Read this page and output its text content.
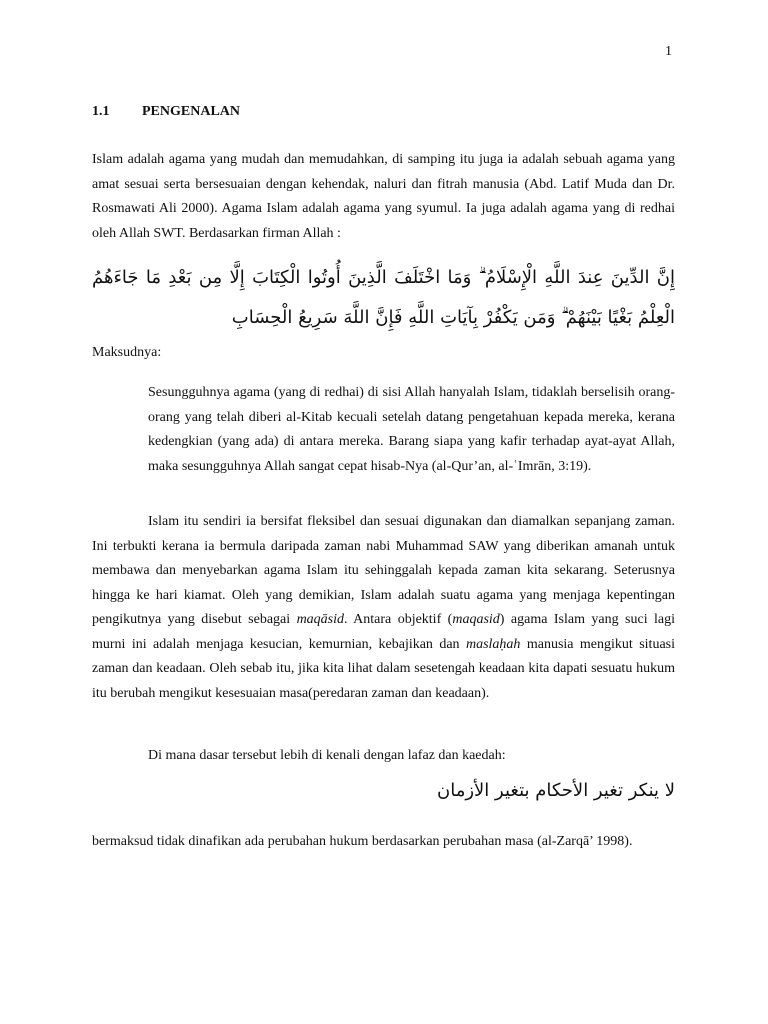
1
1.1	PENGENALAN

Islam adalah agama yang mudah dan memudahkan, di samping itu juga ia adalah sebuah agama yang amat sesuai serta bersesuaian dengan kehendak, naluri dan fitrah manusia (Abd. Latif Muda dan Dr. Rosmawati Ali 2000). Agama Islam adalah agama yang syumul. Ia juga adalah agama yang di redhai oleh Allah SWT. Berdasarkan firman Allah :

إِنَّ الدِّينَ عِندَ اللَّهِ الْإِسْلَامُ ۗ وَمَا اخْتَلَفَ الَّذِينَ أُوتُوا الْكِتَابَ إِلَّا مِن بَعْدِ مَا جَاءَهُمُ الْعِلْمُ بَغْيًا بَيْنَهُمْ ۗ وَمَن يَكْفُرْ بِآيَاتِ اللَّهِ فَإِنَّ اللَّهَ سَرِيعُ الْحِسَابِ

Maksudnya:

Sesungguhnya agama (yang di redhai) di sisi Allah hanyalah Islam, tidaklah berselisih orang-orang yang telah diberi al-Kitab kecuali setelah datang pengetahuan kepada mereka, kerana kedengkian (yang ada) di antara mereka. Barang siapa yang kafir terhadap ayat-ayat Allah, maka sesungguhnya Allah sangat cepat hisab-Nya (al-Qur’an, al-ʿImrān, 3:19).

Islam itu sendiri ia bersifat fleksibel dan sesuai digunakan dan diamalkan sepanjang zaman. Ini terbukti kerana ia bermula daripada zaman nabi Muhammad SAW yang diberikan amanah untuk membawa dan menyebarkan agama Islam itu sehinggalah kepada zaman kita sekarang. Seterusnya hingga ke hari kiamat. Oleh yang demikian, Islam adalah suatu agama yang menjaga kepentingan pengikutnya yang disebut sebagai maqāsid. Antara objektif (maqasid) agama Islam yang suci lagi murni ini adalah menjaga kesucian, kemurnian, kebajikan dan maslaḥah manusia mengikut situasi zaman dan keadaan. Oleh sebab itu, jika kita lihat dalam sesetengah keadaan kita dapati sesuatu hukum itu berubah mengikut kesesuaian masa(peredaran zaman dan keadaan).

Di mana dasar tersebut lebih di kenali dengan lafaz dan kaedah:

لا ينكر تغير الأحكام بتغير الأزمان

bermaksud tidak dinafikan ada perubahan hukum berdasarkan perubahan masa (al-Zarqā’ 1998).
